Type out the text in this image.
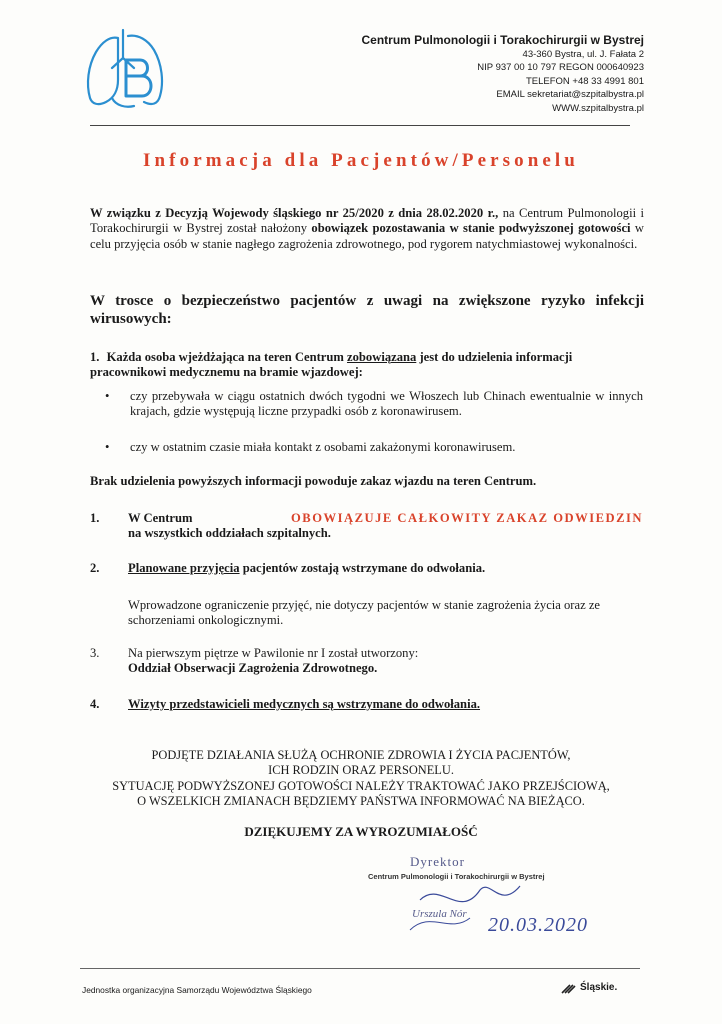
Centrum Pulmonologii i Torakochirurgii w Bystrej
43-360 Bystra, ul. J. Fałata 2
NIP 937 00 10 797 REGON 000640923
TELEFON +48 33 4991 801
EMAIL sekretariat@szpitalbystra.pl
WWW.szpitalbystra.pl
Informacja dla Pacjentów/Personelu
W związku z Decyzją Wojewody śląskiego nr 25/2020 z dnia 28.02.2020 r., na Centrum Pulmonologii i Torakochirurgii w Bystrej został nałożony obowiązek pozostawania w stanie podwyższonej gotowości w celu przyjęcia osób w stanie nagłego zagrożenia zdrowotnego, pod rygorem natychmiastowej wykonalności.
W trosce o bezpieczeństwo pacjentów z uwagi na zwiększone ryzyko infekcji wirusowych:
1. Każda osoba wjeżdżająca na teren Centrum zobowiązana jest do udzielenia informacji pracownikowi medycznemu na bramie wjazdowej:
•	czy przebywała w ciągu ostatnich dwóch tygodni we Włoszech lub Chinach ewentualnie w innych krajach, gdzie występują liczne przypadki osób z koronawirusem.
•	czy w ostatnim czasie miała kontakt z osobami zakażonymi koronawirusem.
Brak udzielenia powyższych informacji powoduje zakaz wjazdu na teren Centrum.
1. W Centrum	OBOWIĄZUJE CAŁKOWITY ZAKAZ ODWIEDZIN
na wszystkich oddziałach szpitalnych.
2. Planowane przyjęcia pacjentów zostają wstrzymane do odwołania.
Wprowadzone ograniczenie przyjęć, nie dotyczy pacjentów w stanie zagrożenia życia oraz ze schorzeniami onkologicznymi.
3. Na pierwszym piętrze w Pawilonie nr I został utworzony:
Oddział Obserwacji Zagrożenia Zdrowotnego.
4. Wizyty przedstawicieli medycznych są wstrzymane do odwołania.
PODJĘTE DZIAŁANIA SŁUŻĄ OCHRONIE ZDROWIA I ŻYCIA PACJENTÓW,
ICH RODZIN ORAZ PERSONELU.
SYTUACJĘ PODWYŻSZONEJ GOTOWOŚCI NALEŻY TRAKTOWAĆ JAKO PRZEJŚCIOWĄ,
O WSZELKICH ZMIANACH BĘDZIEMY PAŃSTWA INFORMOWAĆ NA BIEŻĄCO.
DZIĘKUJEMY ZA WYROZUMIAŁOŚĆ
Dyrektor
Centrum Pulmonologii i Torakochirurgii w Bystrej
Urszula Nór 20.03.2020
Jednostka organizacyjna Samorządu Województwa Śląskiego	Śląskie.
